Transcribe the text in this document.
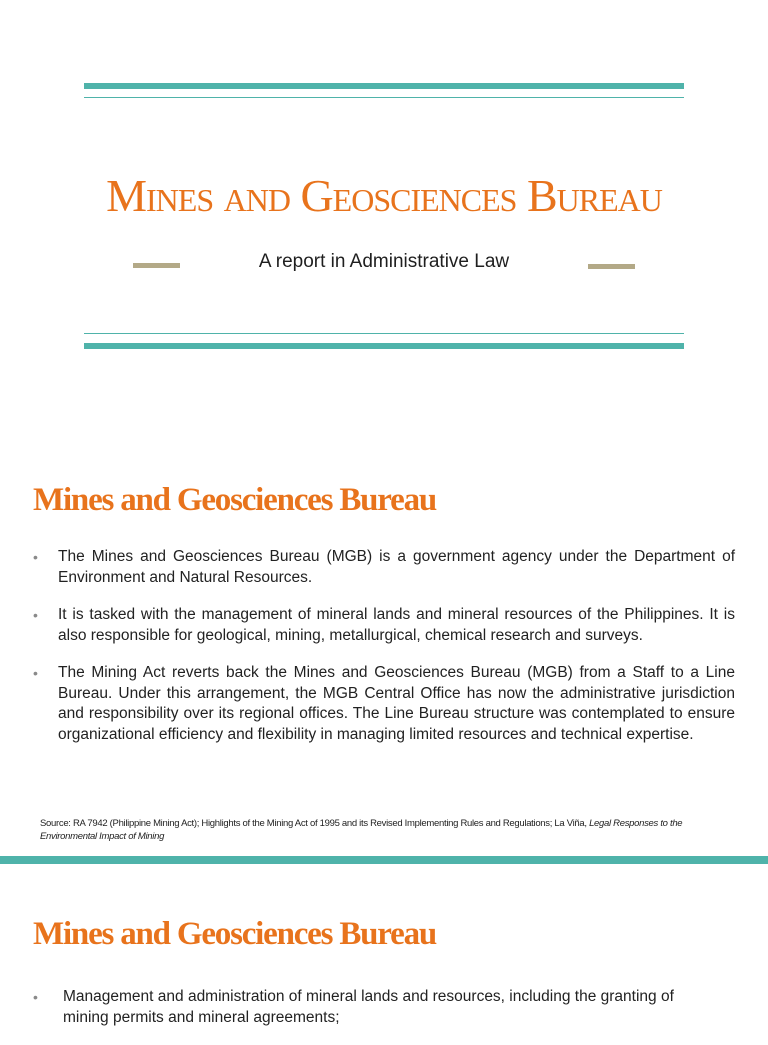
Mines and Geosciences Bureau
A report in Administrative Law
Mines and Geosciences Bureau
• The Mines and Geosciences Bureau (MGB) is a government agency under the Department of Environment and Natural Resources.
• It is tasked with the management of mineral lands and mineral resources of the Philippines. It is also responsible for geological, mining, metallurgical, chemical research and surveys.
• The Mining Act reverts back the Mines and Geosciences Bureau (MGB) from a Staff to a Line Bureau. Under this arrangement, the MGB Central Office has now the administrative jurisdiction and responsibility over its regional offices. The Line Bureau structure was contemplated to ensure organizational efficiency and flexibility in managing limited resources and technical expertise.
Source: RA 7942 (Philippine Mining Act); Highlights of the Mining Act of 1995 and its Revised Implementing Rules and Regulations; La Viña, Legal Responses to the Environmental Impact of Mining
Mines and Geosciences Bureau
• Management and administration of mineral lands and resources, including the granting of mining permits and mineral agreements;
